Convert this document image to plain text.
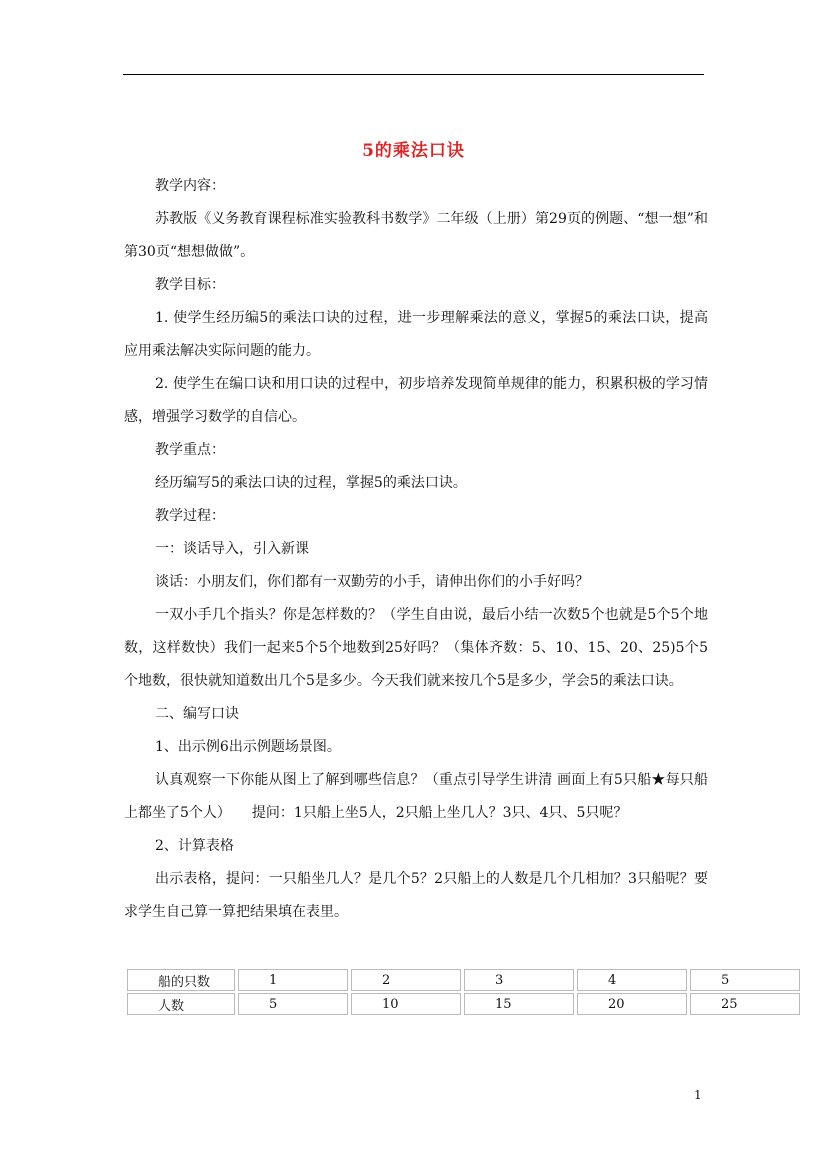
5的乘法口诀

教学内容：

苏教版《义务教育课程标准实验教科书数学》二年级（上册）第29页的例题、“想一想”和第30页“想想做做”。

教学目标：

1. 使学生经历编5的乘法口诀的过程，进一步理解乘法的意义，掌握5的乘法口诀，提高应用乘法解决实际问题的能力。

2. 使学生在编口诀和用口诀的过程中，初步培养发现简单规律的能力，积累积极的学习情感，增强学习数学的自信心。

教学重点：

经历编写5的乘法口诀的过程，掌握5的乘法口诀。

教学过程：

一：谈话导入，引入新课

谈话：小朋友们，你们都有一双勤劳的小手，请伸出你们的小手好吗？

一双小手几个指头？你是怎样数的？（学生自由说，最后小结一次数5个也就是5个5个地数，这样数快）我们一起来5个5个地数到25好吗？（集体齐数：5、10、15、20、25)5个5个地数，很快就知道数出几个5是多少。今天我们就来按几个5是多少，学会5的乘法口诀。

二、编写口诀

1、出示例6出示例题场景图。

认真观察一下你能从图上了解到哪些信息？（重点引导学生讲清 画面上有5只船★每只船上都坐了5个人）　　提问：1只船上坐5人，2只船上坐几人？3只、4只、5只呢？

2、计算表格

出示表格，提问：一只船坐几人？是几个5？2只船上的人数是几个几相加？3只船呢？要求学生自己算一算把结果填在表里。

船的只数	1	2	3	4	5
人数	5	10	15	20	25
1
